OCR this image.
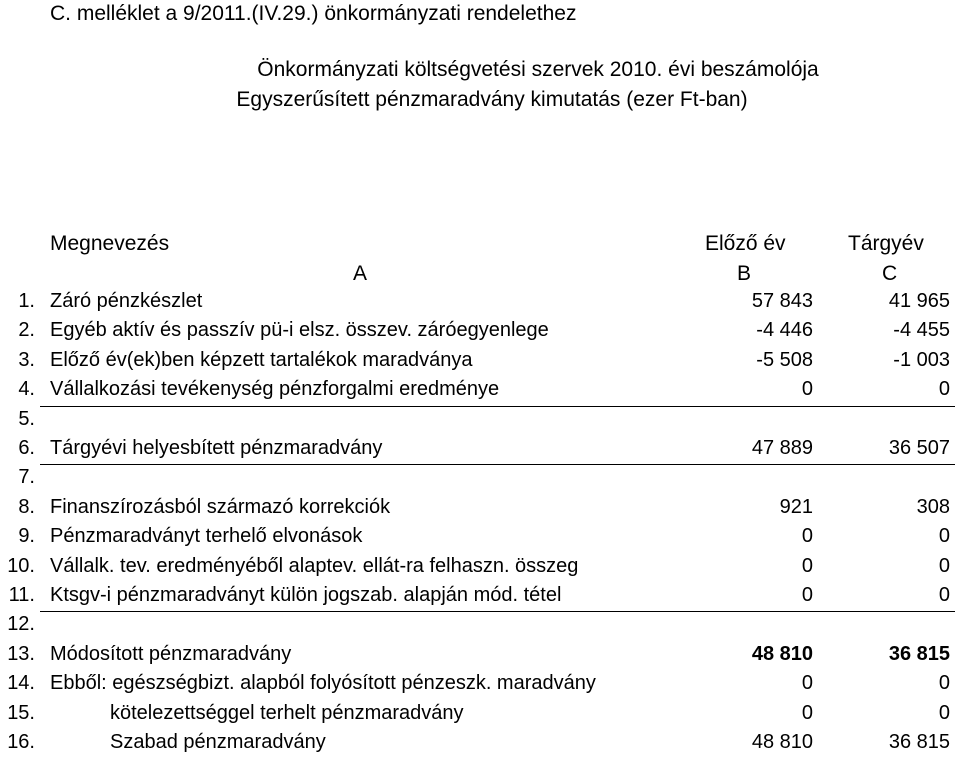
C. melléklet a 9/2011.(IV.29.) önkormányzati rendelethez
Önkormányzati költségvetési szervek 2010. évi beszámolója
Egyszerűsített pénzmaradvány kimutatás (ezer Ft-ban)
Megnevezés	Előző év	Tárgyév
A	B	C
1. Záró pénzkészlet	57 843	41 965
2. Egyéb aktív és passzív pü-i elsz. összev. záróegyenlege	-4 446	-4 455
3. Előző év(ek)ben képzett tartalékok maradványa	-5 508	-1 003
4. Vállalkozási tevékenység pénzforgalmi eredménye	0	0
5.
6. Tárgyévi helyesbített pénzmaradvány	47 889	36 507
7.
8. Finanszírozásból származó korrekciók	921	308
9. Pénzmaradványt terhelő elvonások	0	0
10. Vállalk. tev. eredményéből alaptev. ellát-ra felhaszn. összeg	0	0
11. Ktsgv-i pénzmaradványt külön jogszab. alapján mód. tétel	0	0
12.
13. Módosított pénzmaradvány	48 810	36 815
14. Ebből: egészségbizt. alapból folyósított pénzeszk. maradvány	0	0
15.	kötelezettséggel terhelt pénzmaradvány	0	0
16.	Szabad pénzmaradvány	48 810	36 815
